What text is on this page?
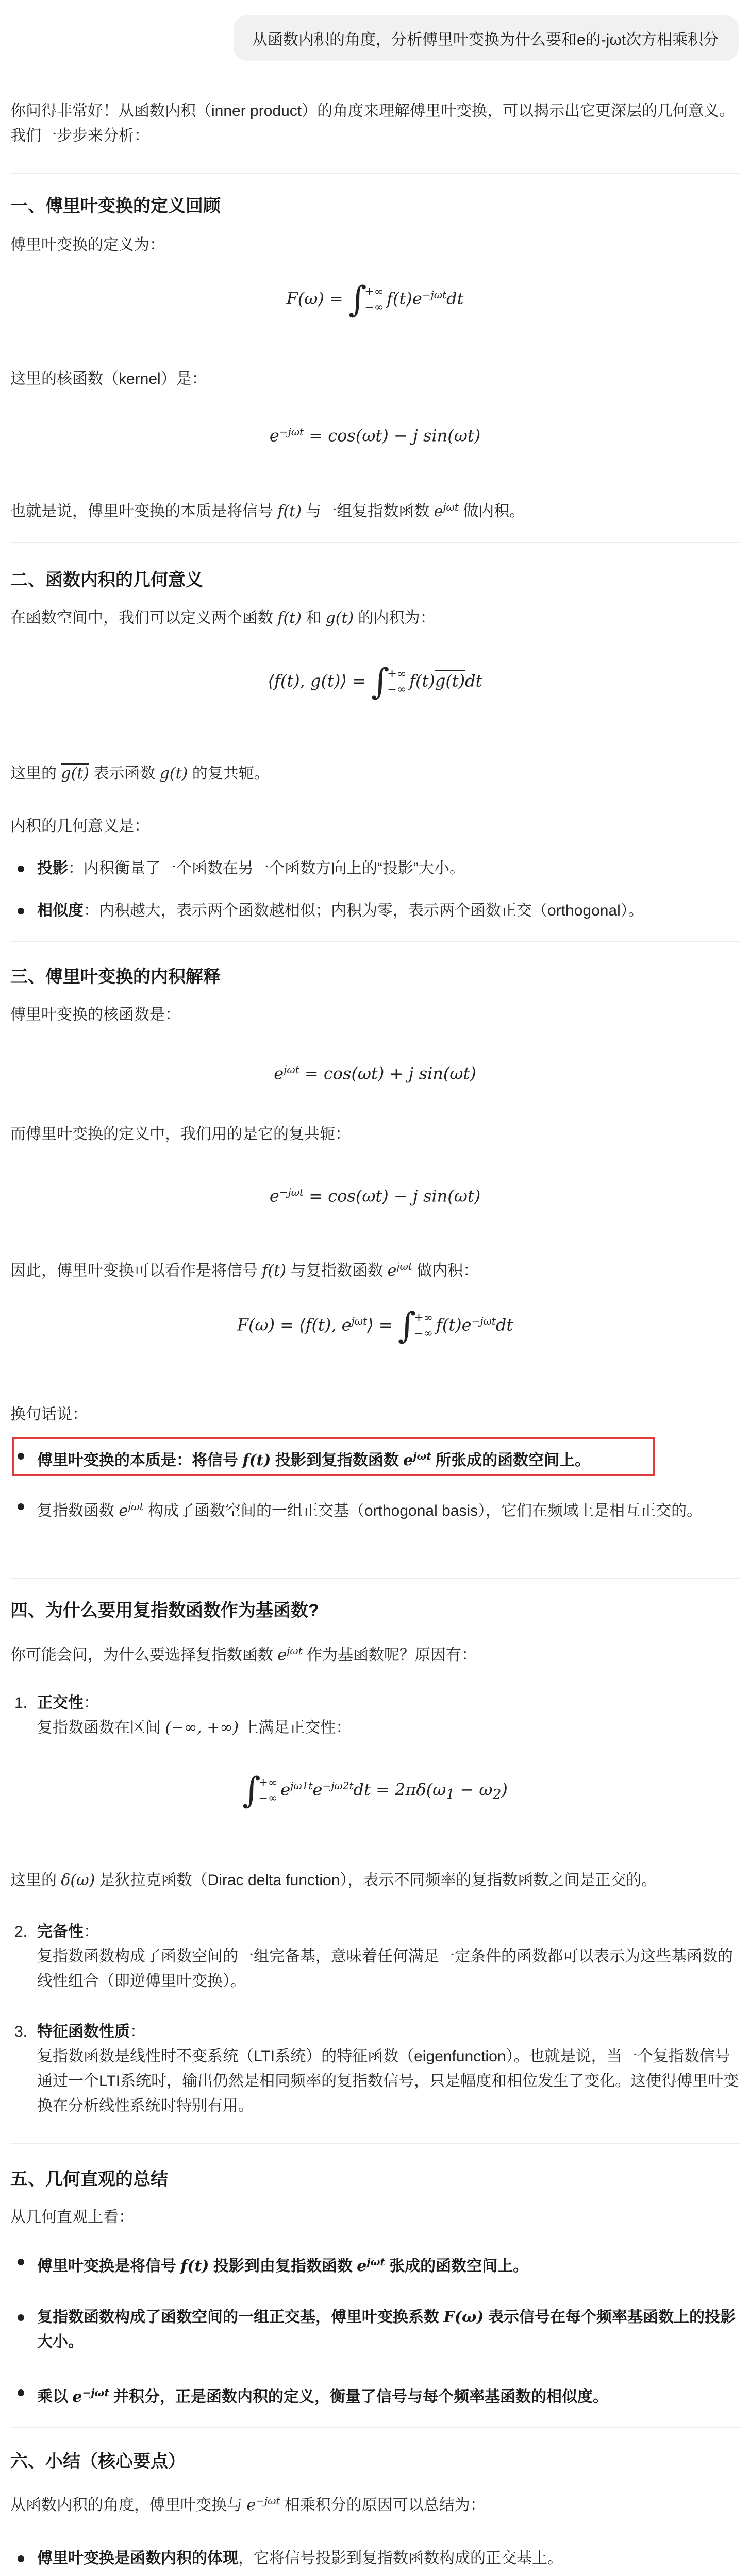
从函数内积的角度，分析傅里叶变换为什么要和e的-jωt次方相乘积分
你问得非常好！从函数内积（inner product）的角度来理解傅里叶变换，可以揭示出它更深层的几何意义。我们一步步来分析：
一、傅里叶变换的定义回顾
傅里叶变换的定义为：
F(ω) = ∫+∞
−∞ $f(t)e^{-j\omega t}dt$
这里的核函数（kernel）是：
$e^{-j\omega t} = \cos(\omega t) - j$ sin(ωt)
也就是说，傅里叶变换的本质是将信号 f(t) 与一组复指数函数 $e^{j\omega t}$ 做内积。
二、函数内积的几何意义
在函数空间中，我们可以定义两个函数 f(t) 和 g(t) 的内积为：
⟨f(t), g(t)⟩ = ∫+∞
−∞ f(t)g(t)dt
这里的 g(t) 表示函数 g(t) 的复共轭。
内积的几何意义是：
投影：内积衡量了一个函数在另一个函数方向上的“投影”大小。
相似度：内积越大，表示两个函数越相似；内积为零，表示两个函数正交（orthogonal）。
三、傅里叶变换的内积解释
傅里叶变换的核函数是：
$e^{j\omega t} = \cos(\omega t) + j$ sin(ωt)
而傅里叶变换的定义中，我们用的是它的复共轭：
$e^{-j\omega t} = \cos(\omega t) - j$ sin(ωt)
因此，傅里叶变换可以看作是将信号 f(t) 与复指数函数 $e^{j\omega t}$ 做内积：
F(ω) = ⟨f(t), $e^{j\omega t}⟩$ = ∫+∞
−∞ $f(t)e^{-j\omega t}dt$
换句话说：
傅里叶变换的本质是：将信号 f(t) 投影到复指数函数 $e^{j\omega t}$ 所张成的函数空间上。
复指数函数 $e^{j\omega t}$ 构成了函数空间的一组正交基（orthogonal basis），它们在频域上是相互正交的。
四、为什么要用复指数函数作为基函数?
你可能会问，为什么要选择复指数函数 $e^{j\omega t}$ 作为基函数呢？原因有：
1. 正交性：
复指数函数在区间 (−∞, +∞) 上满足正交性：
∫+∞
−∞ $e^{j\omega 1t}e^{-j\omega 2t}dt = 2\pi\delta(\omega_1 - \omega_2)$
这里的 δ(ω) 是狄拉克函数（Dirac delta function），表示不同频率的复指数函数之间是正交的。
2. 完备性：
复指数函数构成了函数空间的一组完备基，意味着任何满足一定条件的函数都可以表示为这些基函数的线性组合（即逆傅里叶变换）。
3. 特征函数性质：
复指数函数是线性时不变系统（LTI系统）的特征函数（eigenfunction）。也就是说，当一个复指数信号通过一个LTI系统时，输出仍然是相同频率的复指数信号，只是幅度和相位发生了变化。这使得傅里叶变换在分析线性系统时特别有用。
五、几何直观的总结
从几何直观上看：
傅里叶变换是将信号 f(t) 投影到由复指数函数 $e^{j\omega t}$ 张成的函数空间上。
复指数函数构成了函数空间的一组正交基，傅里叶变换系数 F(ω) 表示信号在每个频率基函数上的投影大小。
乘以 $e^{-j\omega t}$ 并积分，正是函数内积的定义，衡量了信号与每个频率基函数的相似度。
六、小结（核心要点）
从函数内积的角度，傅里叶变换与 $e^{-j\omega t}$ 相乘积分的原因可以总结为：
傅里叶变换是函数内积的体现，它将信号投影到复指数函数构成的正交基上。
